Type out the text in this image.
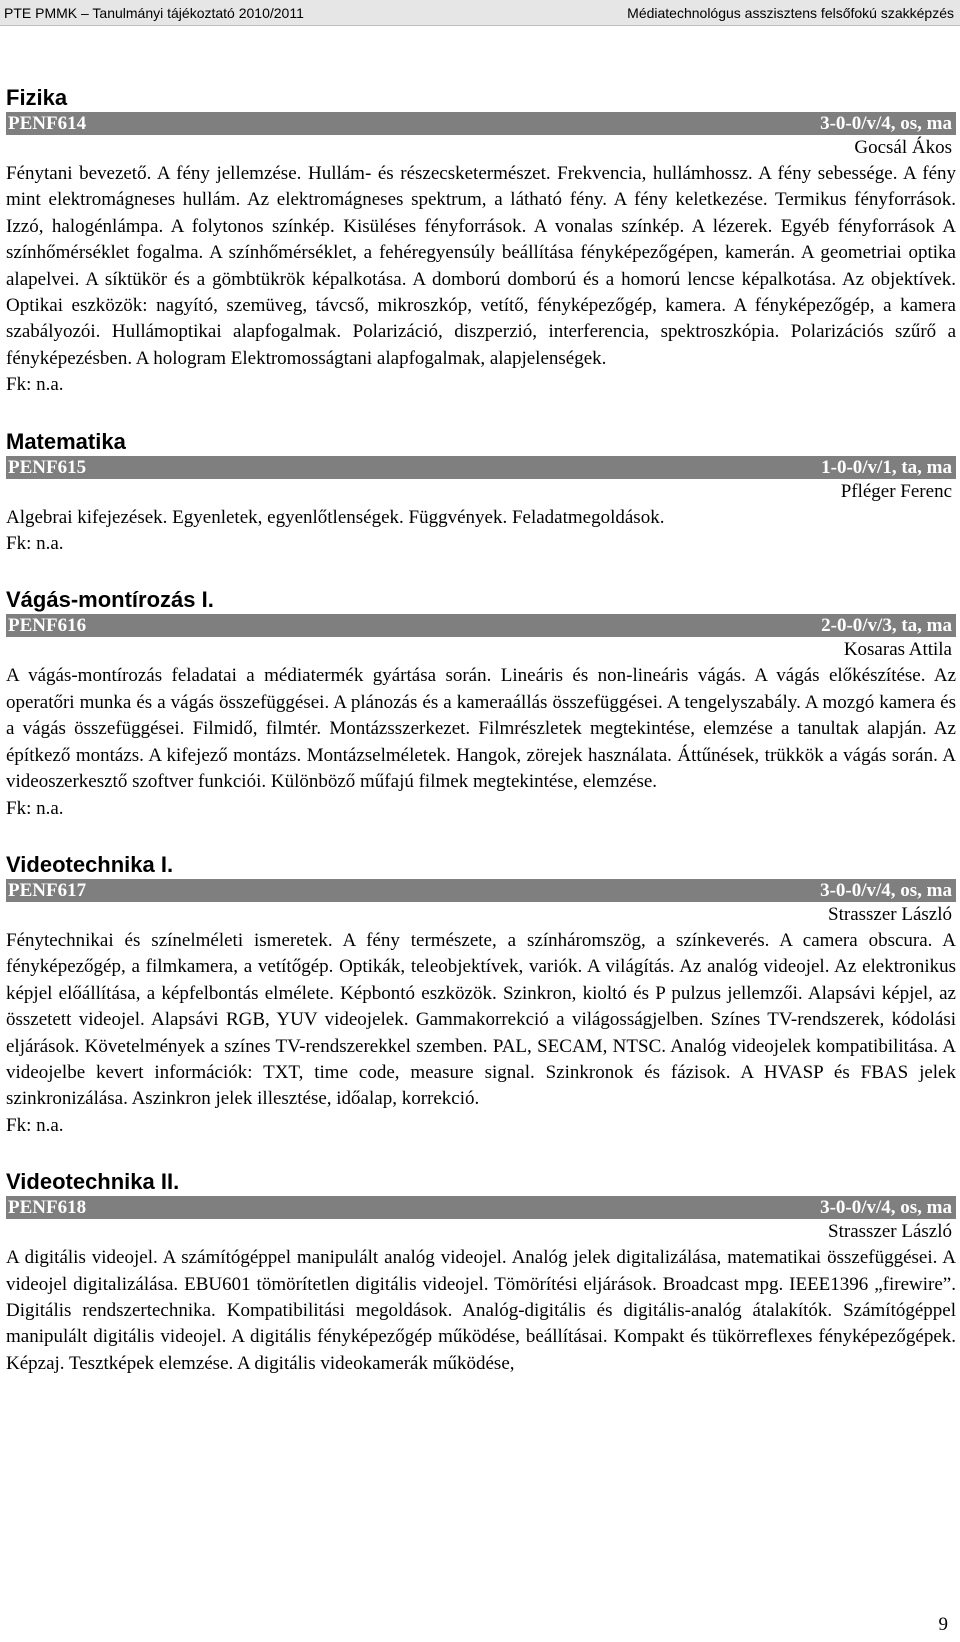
PTE PMMK – Tanulmányi tájékoztató 2010/2011	Médiatechnológus asszisztens felsőfokú szakképzés
Fizika
PENF614	3-0-0/v/4, os, ma
Gocsál Ákos

Fénytani bevezető. A fény jellemzése. Hullám- és részecsketermészet. Frekvencia, hullámhossz. A fény sebessége. A fény mint elektromágneses hullám. Az elektromágneses spektrum, a látható fény. A fény keletkezése. Termikus fényforrások. Izzó, halogénlámpa. A folytonos színkép. Kisüléses fényforrások. A vonalas színkép. A lézerek. Egyéb fényforrások A színhőmérséklet fogalma. A színhőmérséklet, a fehéregyensúly beállítása fényképezőgépen, kamerán. A geometriai optika alapelvei. A síktükör és a gömbtükrök képalkotása. A domború domború és a homorú lencse képalkotása. Az objektívek. Optikai eszközök: nagyító, szemüveg, távcső, mikroszkóp, vetítő, fényképezőgép, kamera. A fényképezőgép, a kamera szabályozói. Hullámoptikai alapfogalmak. Polarizáció, diszperzió, interferencia, spektroszkópia. Polarizációs szűrő a fényképezésben. A hologram Elektromosságtani alapfogalmak, alapjelenségek.

Fk: n.a.

Matematika
PENF615	1-0-0/v/1, ta, ma
Pfléger Ferenc

Algebrai kifejezések. Egyenletek, egyenlőtlenségek. Függvények. Feladatmegoldások.

Fk: n.a.

Vágás-montírozás I.
PENF616	2-0-0/v/3, ta, ma
Kosaras Attila

A vágás-montírozás feladatai a médiatermék gyártása során. Lineáris és non-lineáris vágás. A vágás előkészítése. Az operatőri munka és a vágás összefüggései. A plánozás és a kameraállás összefüggései. A tengelyszabály. A mozgó kamera és a vágás összefüggései. Filmidő, filmtér. Montázsszerkezet. Filmrészletek megtekintése, elemzése a tanultak alapján. Az építkező montázs. A kifejező montázs. Montázselméletek. Hangok, zörejek használata. Áttűnések, trükkök a vágás során. A videoszerkesztő szoftver funkciói. Különböző műfajú filmek megtekintése, elemzése.

Fk: n.a.

Videotechnika I.
PENF617	3-0-0/v/4, os, ma
Strasszer László

Fénytechnikai és színelméleti ismeretek. A fény természete, a színháromszög, a színkeverés. A camera obscura. A fényképezőgép, a filmkamera, a vetítőgép. Optikák, teleobjektívek, variók. A világítás. Az analóg videojel. Az elektronikus képjel előállítása, a képfelbontás elmélete. Képbontó eszközök. Szinkron, kioltó és P pulzus jellemzői. Alapsávi képjel, az összetett videojel. Alapsávi RGB, YUV videojelek. Gammakorrekció a világosságjelben. Színes TV-rendszerek, kódolási eljárások. Követelmények a színes TV-rendszerekkel szemben. PAL, SECAM, NTSC. Analóg videojelek kompatibilitása. A videojelbe kevert információk: TXT, time code, measure signal. Szinkronok és fázisok. A HVASP és FBAS jelek szinkronizálása. Aszinkron jelek illesztése, időalap, korrekció.

Fk: n.a.

Videotechnika II.
PENF618	3-0-0/v/4, os, ma
Strasszer László

A digitális videojel. A számítógéppel manipulált analóg videojel. Analóg jelek digitalizálása, matematikai összefüggései. A videojel digitalizálása. EBU601 tömörítetlen digitális videojel. Tömörítési eljárások. Broadcast mpg. IEEE1396 „firewire”. Digitális rendszertechnika. Kompatibilitási megoldások. Analóg-digitális és digitális-analóg átalakítók. Számítógéppel manipulált digitális videojel. A digitális fényképezőgép működése, beállításai. Kompakt és tükörreflexes fényképezőgépek. Képzaj. Tesztképek elemzése. A digitális videokamerák működése,

9
